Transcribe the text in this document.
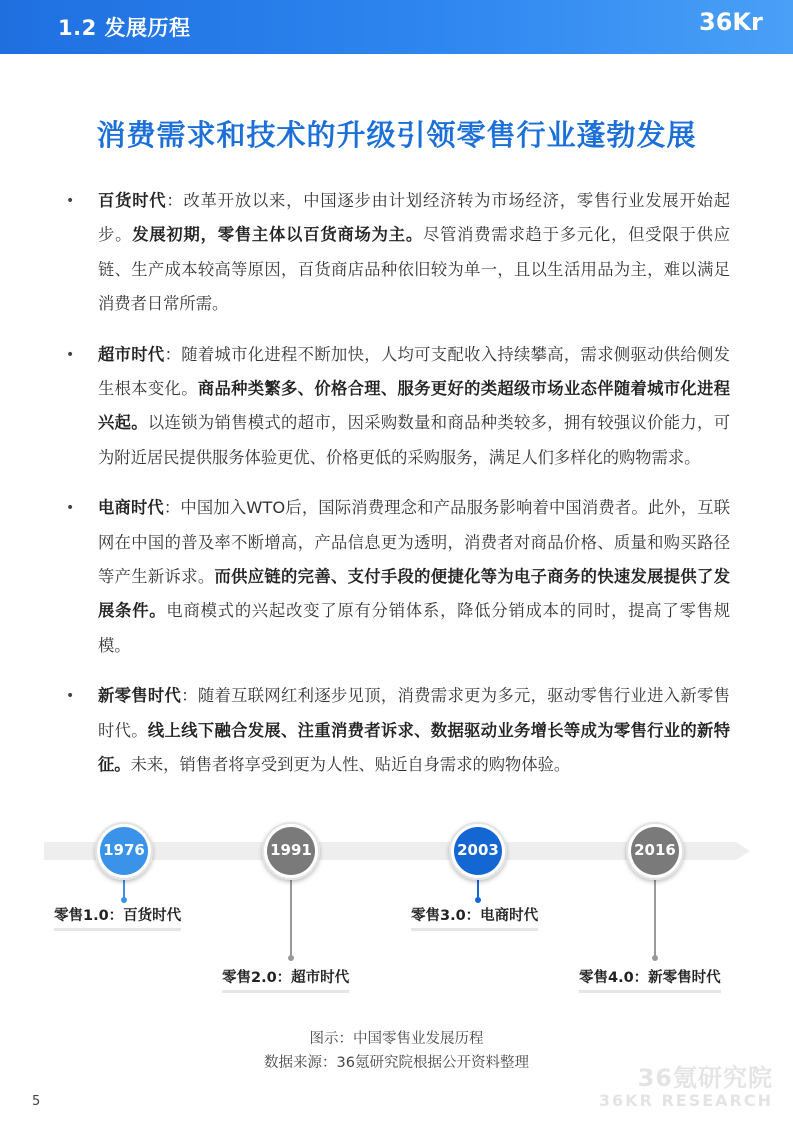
1.2 发展历程	36Kr
消费需求和技术的升级引领零售行业蓬勃发展
• 百货时代：改革开放以来，中国逐步由计划经济转为市场经济，零售行业发展开始起步。发展初期，零售主体以百货商场为主。尽管消费需求趋于多元化，但受限于供应链、生产成本较高等原因，百货商店品种依旧较为单一，且以生活用品为主，难以满足消费者日常所需。
• 超市时代：随着城市化进程不断加快，人均可支配收入持续攀高，需求侧驱动供给侧发生根本变化。商品种类繁多、价格合理、服务更好的类超级市场业态伴随着城市化进程兴起。以连锁为销售模式的超市，因采购数量和商品种类较多，拥有较强议价能力，可为附近居民提供服务体验更优、价格更低的采购服务，满足人们多样化的购物需求。
• 电商时代：中国加入WTO后，国际消费理念和产品服务影响着中国消费者。此外，互联网在中国的普及率不断增高，产品信息更为透明，消费者对商品价格、质量和购买路径等产生新诉求。而供应链的完善、支付手段的便捷化等为电子商务的快速发展提供了发展条件。电商模式的兴起改变了原有分销体系，降低分销成本的同时，提高了零售规模。
• 新零售时代：随着互联网红利逐步见顶，消费需求更为多元，驱动零售行业进入新零售时代。线上线下融合发展、注重消费者诉求、数据驱动业务增长等成为零售行业的新特征。未来，销售者将享受到更为人性、贴近自身需求的购物体验。
1976	1991	2003	2016
零售1.0：百货时代
零售2.0：超市时代
零售3.0：电商时代
零售4.0：新零售时代
图示：中国零售业发展历程
数据来源：36氪研究院根据公开资料整理
36氪研究院
36KR RESEARCH
5
